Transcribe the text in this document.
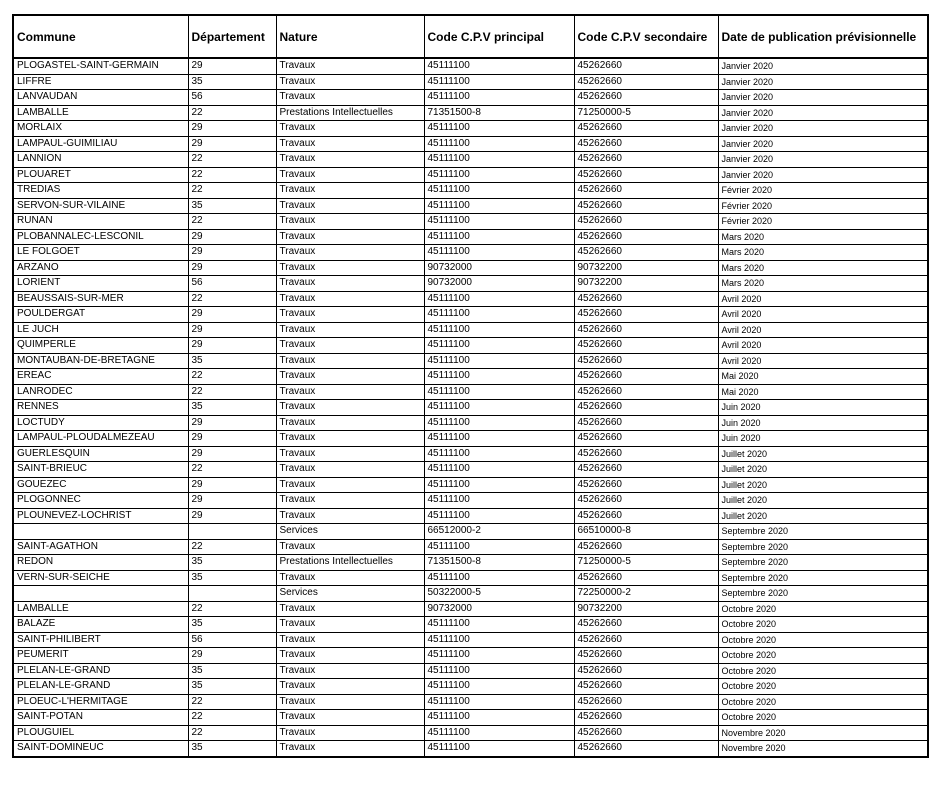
Commune	Département	Nature	Code C.P.V principal	Code C.P.V secondaire	Date de publication prévisionnelle
PLOGASTEL-SAINT-GERMAIN	29	Travaux	45111100	45262660	Janvier 2020
LIFFRE	35	Travaux	45111100	45262660	Janvier 2020
LANVAUDAN	56	Travaux	45111100	45262660	Janvier 2020
LAMBALLE	22	Prestations Intellectuelles	71351500-8	71250000-5	Janvier 2020
MORLAIX	29	Travaux	45111100	45262660	Janvier 2020
LAMPAUL-GUIMILIAU	29	Travaux	45111100	45262660	Janvier 2020
LANNION	22	Travaux	45111100	45262660	Janvier 2020
PLOUARET	22	Travaux	45111100	45262660	Janvier 2020
TREDIAS	22	Travaux	45111100	45262660	Février 2020
SERVON-SUR-VILAINE	35	Travaux	45111100	45262660	Février 2020
RUNAN	22	Travaux	45111100	45262660	Février 2020
PLOBANNALEC-LESCONIL	29	Travaux	45111100	45262660	Mars 2020
LE FOLGOET	29	Travaux	45111100	45262660	Mars 2020
ARZANO	29	Travaux	90732000	90732200	Mars 2020
LORIENT	56	Travaux	90732000	90732200	Mars 2020
BEAUSSAIS-SUR-MER	22	Travaux	45111100	45262660	Avril 2020
POULDERGAT	29	Travaux	45111100	45262660	Avril 2020
LE JUCH	29	Travaux	45111100	45262660	Avril 2020
QUIMPERLE	29	Travaux	45111100	45262660	Avril 2020
MONTAUBAN-DE-BRETAGNE	35	Travaux	45111100	45262660	Avril 2020
EREAC	22	Travaux	45111100	45262660	Mai 2020
LANRODEC	22	Travaux	45111100	45262660	Mai 2020
RENNES	35	Travaux	45111100	45262660	Juin 2020
LOCTUDY	29	Travaux	45111100	45262660	Juin 2020
LAMPAUL-PLOUDALMEZEAU	29	Travaux	45111100	45262660	Juin 2020
GUERLESQUIN	29	Travaux	45111100	45262660	Juillet 2020
SAINT-BRIEUC	22	Travaux	45111100	45262660	Juillet 2020
GOUEZEC	29	Travaux	45111100	45262660	Juillet 2020
PLOGONNEC	29	Travaux	45111100	45262660	Juillet 2020
PLOUNEVEZ-LOCHRIST	29	Travaux	45111100	45262660	Juillet 2020
		Services	66512000-2	66510000-8	Septembre 2020
SAINT-AGATHON	22	Travaux	45111100	45262660	Septembre 2020
REDON	35	Prestations Intellectuelles	71351500-8	71250000-5	Septembre 2020
VERN-SUR-SEICHE	35	Travaux	45111100	45262660	Septembre 2020
		Services	50322000-5	72250000-2	Septembre 2020
LAMBALLE	22	Travaux	90732000	90732200	Octobre 2020
BALAZE	35	Travaux	45111100	45262660	Octobre 2020
SAINT-PHILIBERT	56	Travaux	45111100	45262660	Octobre 2020
PEUMERIT	29	Travaux	45111100	45262660	Octobre 2020
PLELAN-LE-GRAND	35	Travaux	45111100	45262660	Octobre 2020
PLELAN-LE-GRAND	35	Travaux	45111100	45262660	Octobre 2020
PLOEUC-L'HERMITAGE	22	Travaux	45111100	45262660	Octobre 2020
SAINT-POTAN	22	Travaux	45111100	45262660	Octobre 2020
PLOUGUIEL	22	Travaux	45111100	45262660	Novembre 2020
SAINT-DOMINEUC	35	Travaux	45111100	45262660	Novembre 2020
